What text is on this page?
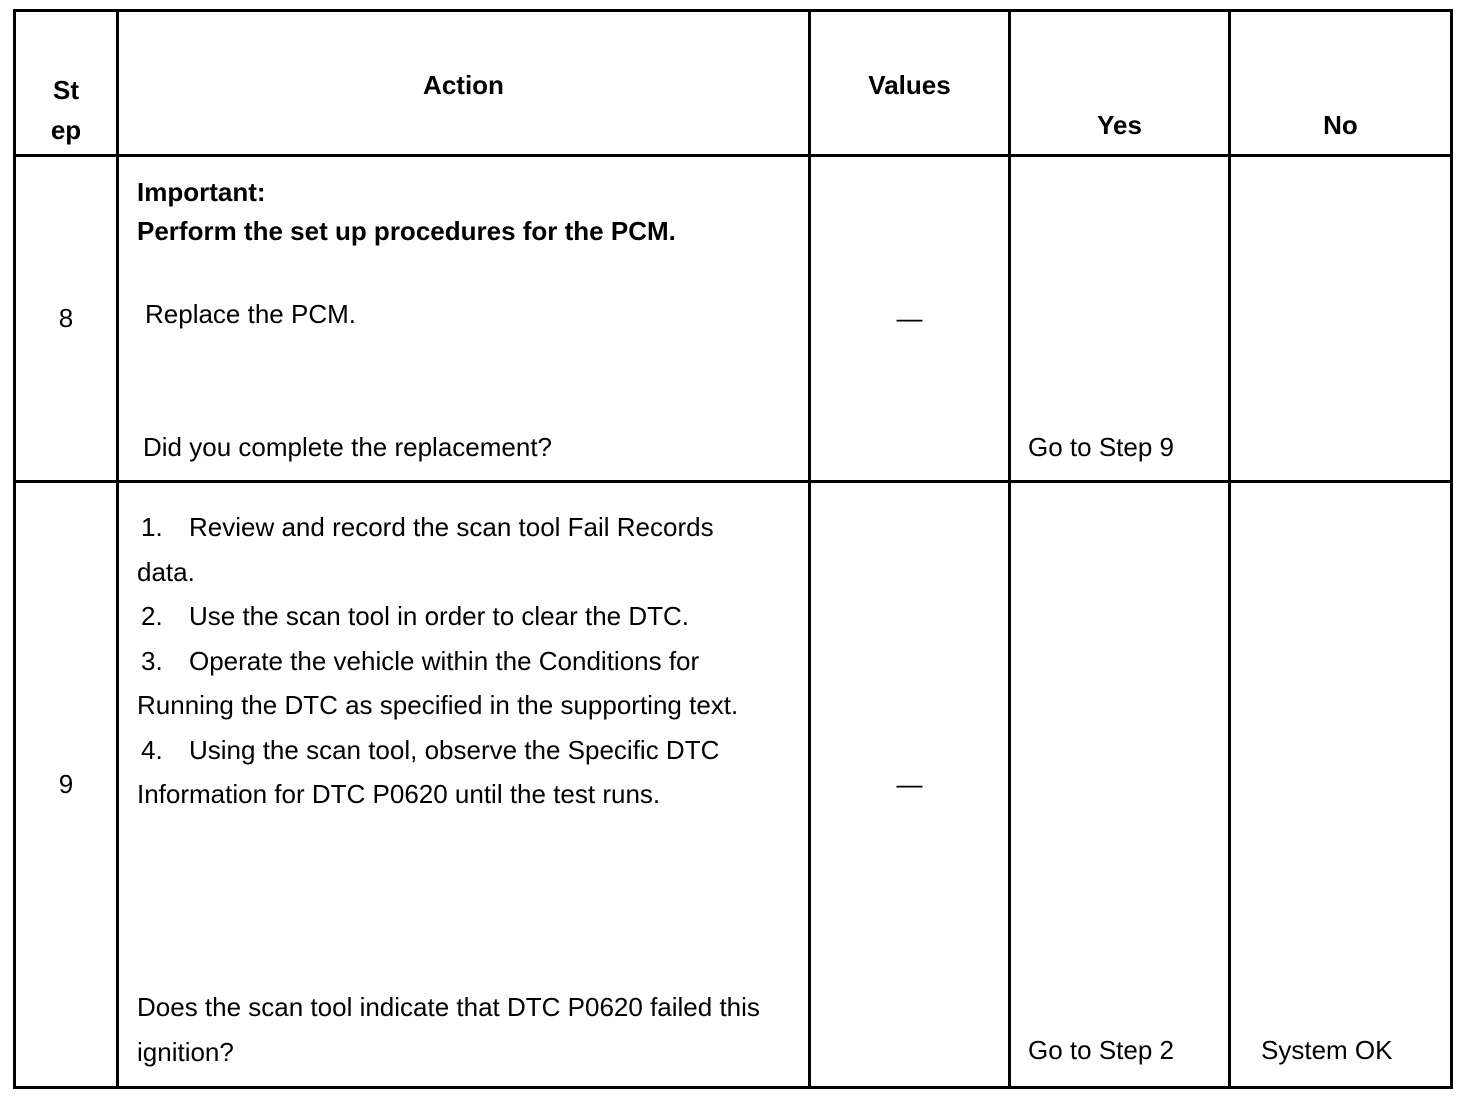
St ep	Action	Values	Yes	No

8	Important:
Perform the set up procedures for the PCM.
Replace the PCM.
Did you complete the replacement?	—	Go to Step 9	

9	1. Review and record the scan tool Fail Records data.
2. Use the scan tool in order to clear the DTC.
3. Operate the vehicle within the Conditions for Running the DTC as specified in the supporting text.
4. Using the scan tool, observe the Specific DTC Information for DTC P0620 until the test runs.
Does the scan tool indicate that DTC P0620 failed this ignition?	—	Go to Step 2	System OK
